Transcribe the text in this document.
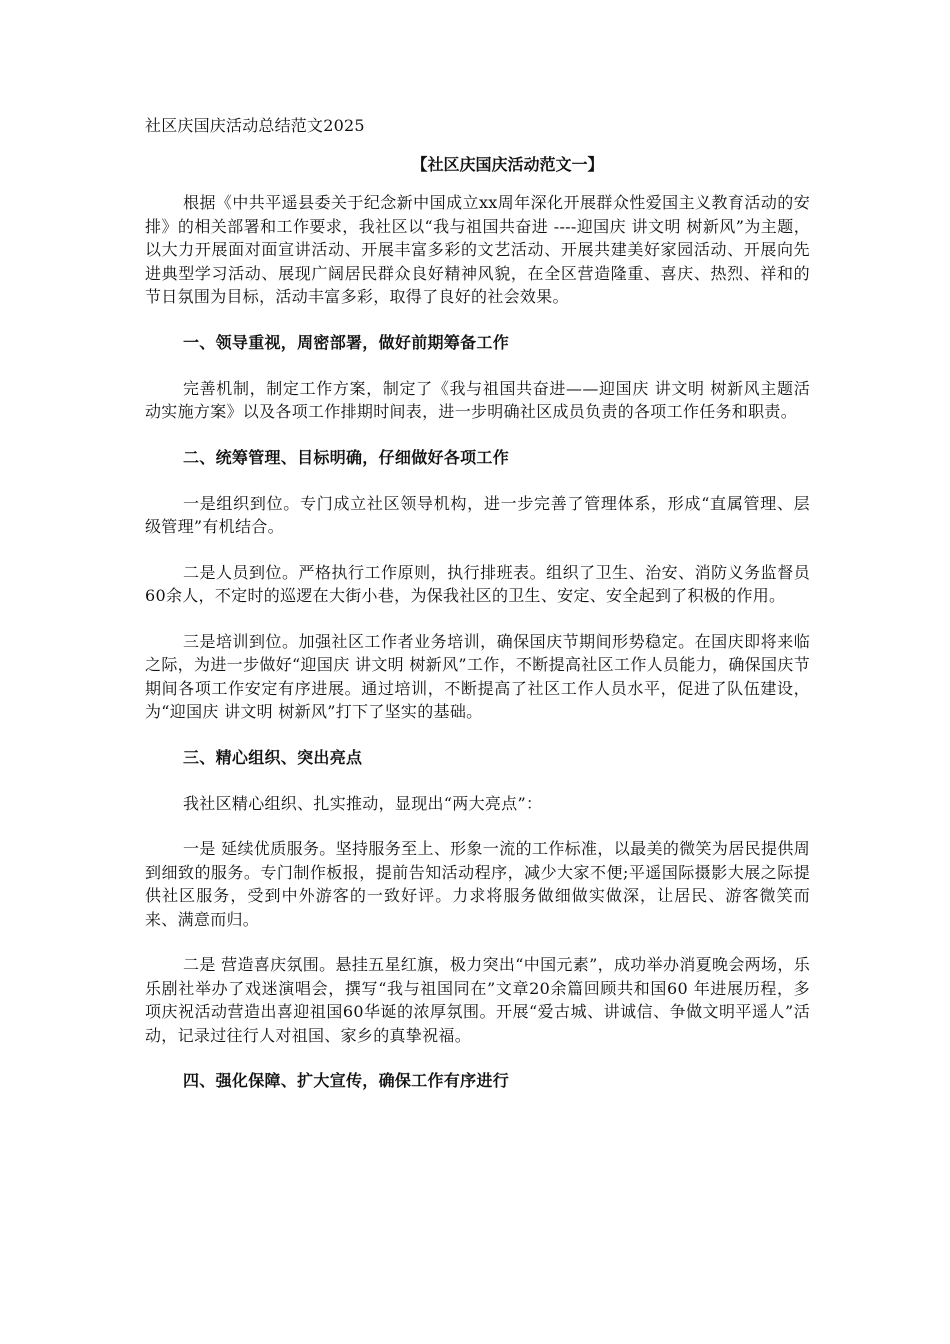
社区庆国庆活动总结范文2025

【社区庆国庆活动范文一】

根据《中共平遥县委关于纪念新中国成立xx周年深化开展群众性爱国主义教育活动的安排》的相关部署和工作要求，我社区以“我与祖国共奋进 ----迎国庆 讲文明 树新风”为主题，以大力开展面对面宣讲活动、开展丰富多彩的文艺活动、开展共建美好家园活动、开展向先进典型学习活动、展现广阔居民群众良好精神风貌，在全区营造隆重、喜庆、热烈、祥和的节日氛围为目标，活动丰富多彩，取得了良好的社会效果。

一、领导重视，周密部署，做好前期筹备工作

完善机制，制定工作方案，制定了《我与祖国共奋进——迎国庆 讲文明 树新风主题活动实施方案》以及各项工作排期时间表，进一步明确社区成员负责的各项工作任务和职责。

二、统筹管理、目标明确，仔细做好各项工作

一是组织到位。专门成立社区领导机构，进一步完善了管理体系，形成“直属管理、层级管理”有机结合。

二是人员到位。严格执行工作原则，执行排班表。组织了卫生、治安、消防义务监督员60余人，不定时的巡逻在大街小巷，为保我社区的卫生、安定、安全起到了积极的作用。

三是培训到位。加强社区工作者业务培训，确保国庆节期间形势稳定。在国庆即将来临之际，为进一步做好“迎国庆 讲文明 树新风”工作，不断提高社区工作人员能力，确保国庆节期间各项工作安定有序进展。通过培训，不断提高了社区工作人员水平，促进了队伍建设，为“迎国庆 讲文明 树新风”打下了坚实的基础。

三、精心组织、突出亮点

我社区精心组织、扎实推动，显现出“两大亮点”：

一是 延续优质服务。坚持服务至上、形象一流的工作标准，以最美的微笑为居民提供周到细致的服务。专门制作板报，提前告知活动程序，减少大家不便;平遥国际摄影大展之际提供社区服务，受到中外游客的一致好评。力求将服务做细做实做深，让居民、游客微笑而来、满意而归。

二是 营造喜庆氛围。悬挂五星红旗，极力突出“中国元素”，成功举办消夏晚会两场，乐乐剧社举办了戏迷演唱会，撰写“我与祖国同在”文章20余篇回顾共和国60 年进展历程，多项庆祝活动营造出喜迎祖国60华诞的浓厚氛围。开展“爱古城、讲诚信、争做文明平遥人”活动，记录过往行人对祖国、家乡的真挚祝福。

四、强化保障、扩大宣传，确保工作有序进行
